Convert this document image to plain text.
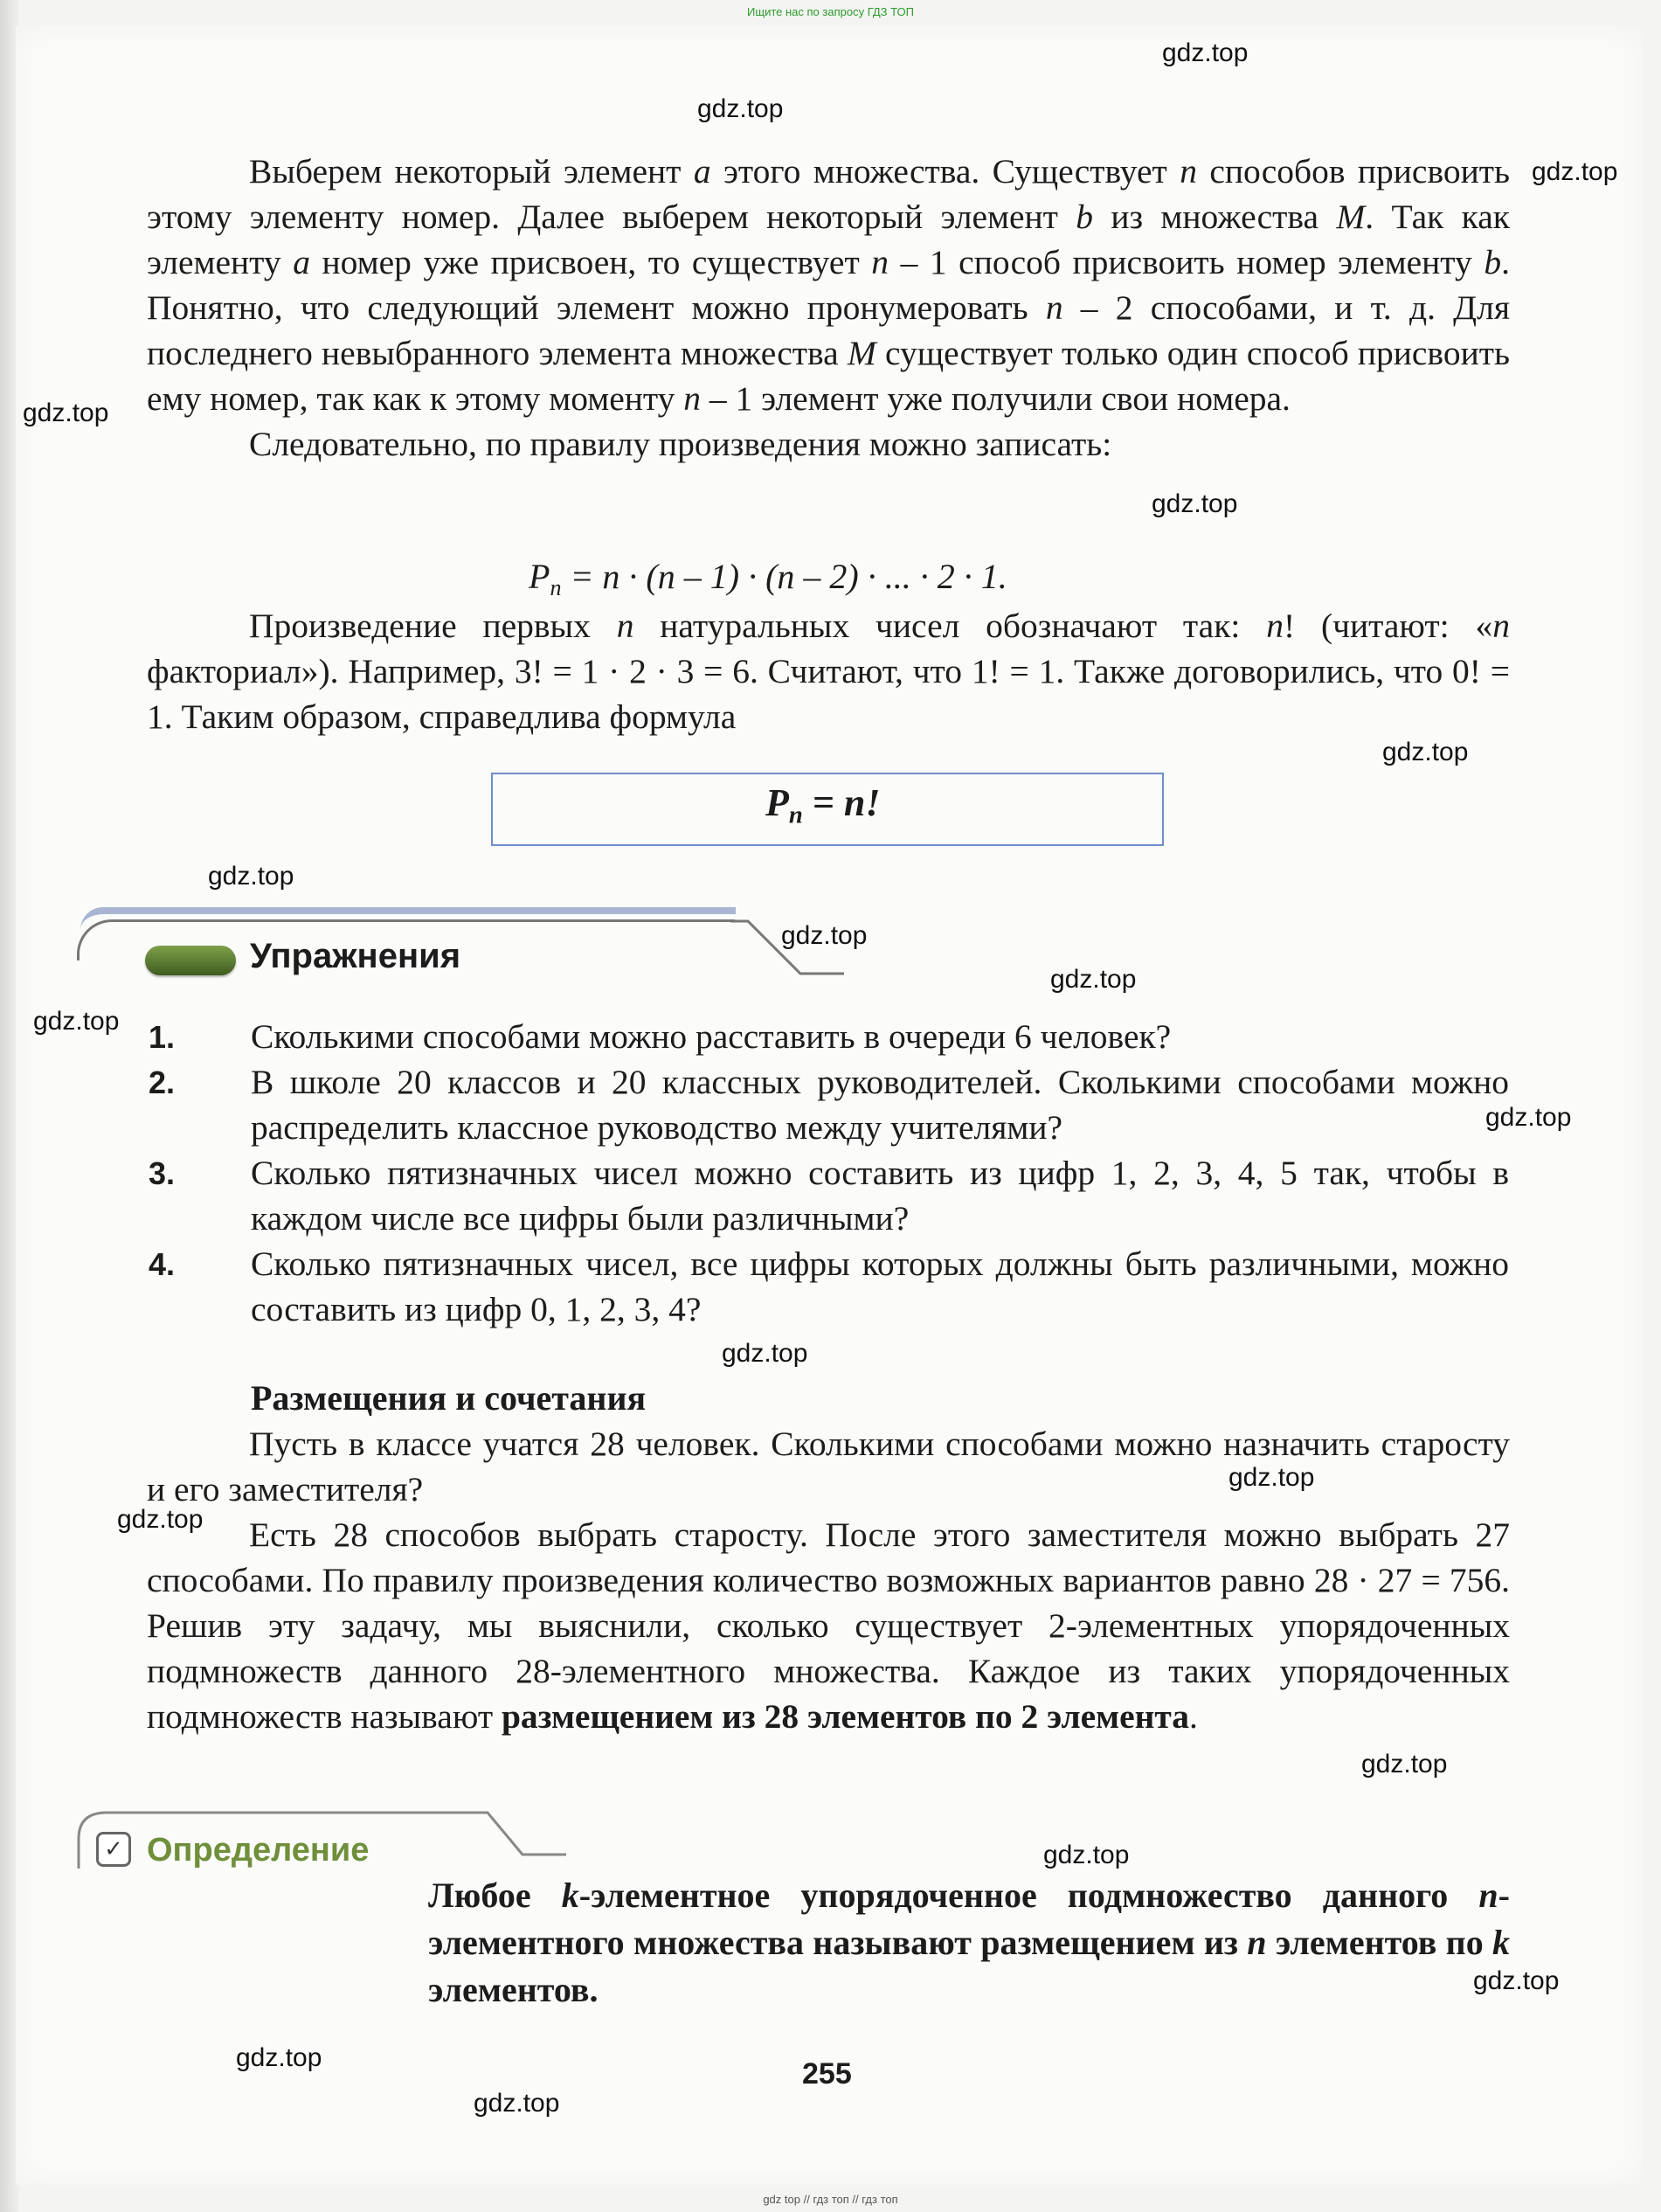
Ищите нас по запросу ГДЗ ТОП
gdz.top
gdz.top
gdz.top
gdz.top
gdz.top
gdz.top
gdz.top
gdz.top
gdz.top
gdz.top
gdz.top
gdz.top
gdz.top
gdz.top
gdz.top
gdz.top
gdz.top
gdz.top
gdz.top

Выберем некоторый элемент a этого множества. Существует n способов присвоить этому элементу номер. Далее выберем некоторый элемент b из множества M. Так как элементу a номер уже присвоен, то существует n – 1 способ присвоить номер элементу b. Понятно, что следующий элемент можно пронумеровать n – 2 способами, и т. д. Для последнего невыбранного элемента множества M существует только один способ присвоить ему номер, так как к этому моменту n – 1 элемент уже получили свои номера.

Следовательно, по правилу произведения можно записать:

$P_n = n \cdot (n - 1) \cdot (n - 2)$ · ... · 2 · 1.

Произведение первых n натуральных чисел обозначают так: n! (читают: «n факториал»). Например, 3! = 1 · 2 · 3 = 6. Считают, что 1! = 1. Также договорились, что 0! = 1. Таким образом, справедлива формула

$P_n = n$!
Упражнения
1. Сколькими способами можно расставить в очереди 6 человек?
2. В школе 20 классов и 20 классных руководителей. Сколькими способами можно распределить классное руководство между учителями?
3. Сколько пятизначных чисел можно составить из цифр 1, 2, 3, 4, 5 так, чтобы в каждом числе все цифры были различными?
4. Сколько пятизначных чисел, все цифры которых должны быть различными, можно составить из цифр 0, 1, 2, 3, 4?
Размещения и сочетания

Пусть в классе учатся 28 человек. Сколькими способами можно назначить старосту и его заместителя?

Есть 28 способов выбрать старосту. После этого заместителя можно выбрать 27 способами. По правилу произведения количество возможных вариантов равно 28 · 27 = 756. Решив эту задачу, мы выяснили, сколько существует 2-элементных упорядоченных подмножеств данного 28-элементного множества. Каждое из таких упорядоченных подмножеств называют размещением из 28 элементов по 2 элемента.

✓ Определение
Любое k-элементное упорядоченное подмножество данного n-элементного множества называют размещением из n элементов по k элементов.
255
gdz top // гдз топ // гдз топ
